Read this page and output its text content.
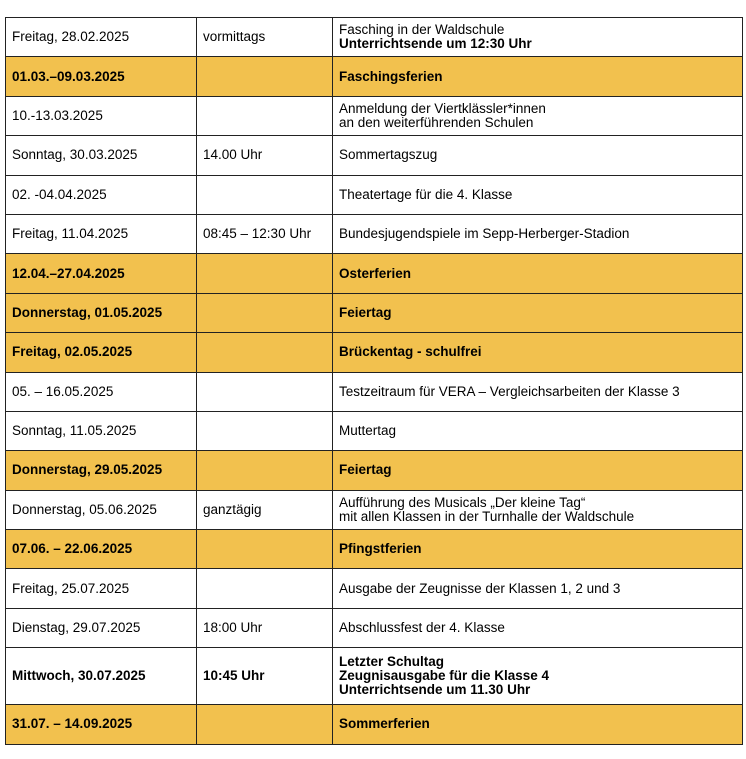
Freitag, 28.02.2025	vormittags	Fasching in der Waldschule
Unterrichtsende um 12:30 Uhr

01.03.–09.03.2025		Faschingsferien

10.-13.03.2025		Anmeldung der Viertklässler*innen
an den weiterführenden Schulen

Sonntag, 30.03.2025	14.00 Uhr	Sommertagszug

02. -04.04.2025		Theatertage für die 4. Klasse

Freitag, 11.04.2025	08:45 – 12:30 Uhr	Bundesjugendspiele im Sepp-Herberger-Stadion

12.04.–27.04.2025		Osterferien

Donnerstag, 01.05.2025		Feiertag

Freitag, 02.05.2025		Brückentag - schulfrei

05. – 16.05.2025		Testzeitraum für VERA – Vergleichsarbeiten der Klasse 3

Sonntag, 11.05.2025		Muttertag

Donnerstag, 29.05.2025		Feiertag

Donnerstag, 05.06.2025	ganztägig	Aufführung des Musicals „Der kleine Tag“
mit allen Klassen in der Turnhalle der Waldschule

07.06. – 22.06.2025		Pfingstferien

Freitag, 25.07.2025		Ausgabe der Zeugnisse der Klassen 1, 2 und 3

Dienstag, 29.07.2025	18:00 Uhr	Abschlussfest der 4. Klasse

Mittwoch, 30.07.2025	10:45 Uhr	Letzter Schultag
Zeugnisausgabe für die Klasse 4
Unterrichtsende um 11.30 Uhr

31.07. – 14.09.2025		Sommerferien
